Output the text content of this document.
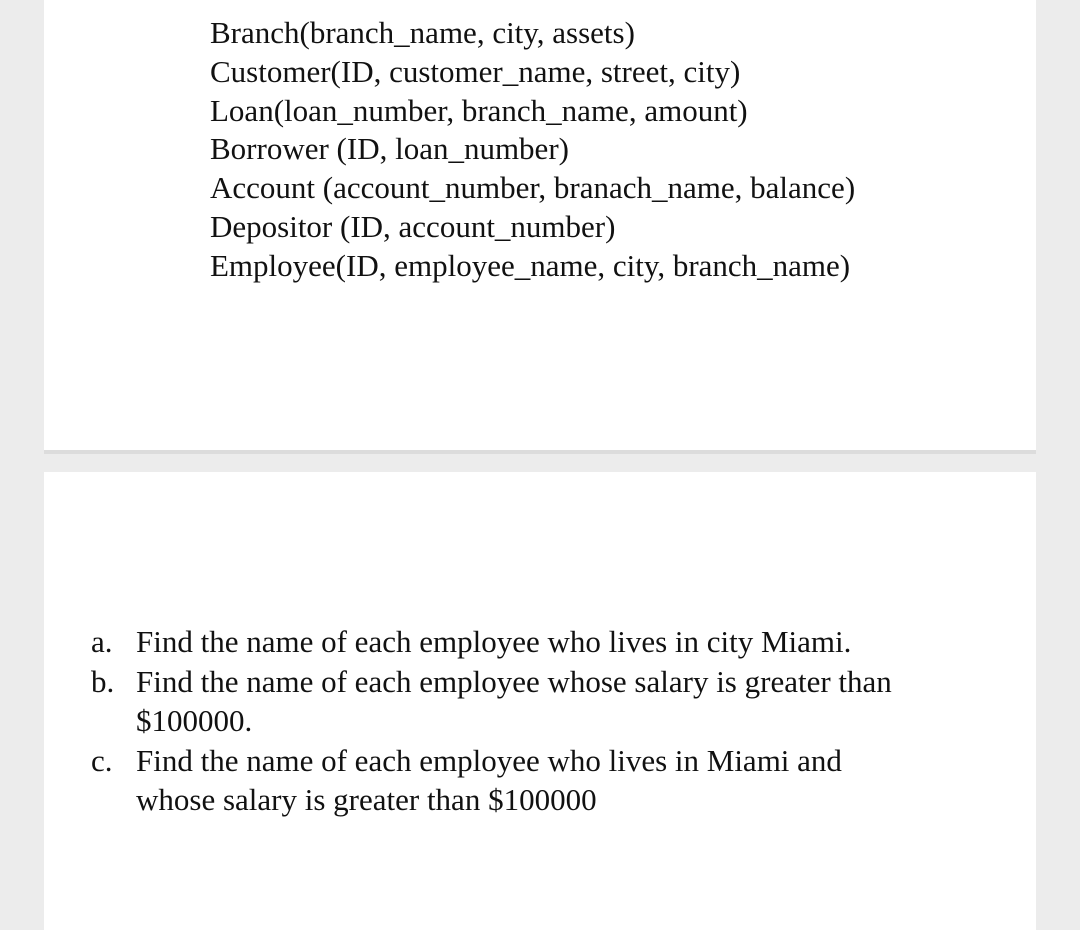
Branch(branch_name, city, assets)
Customer(ID, customer_name, street, city)
Loan(loan_number, branch_name, amount)
Borrower (ID, loan_number)
Account (account_number, branach_name, balance)
Depositor (ID, account_number)
Employee(ID, employee_name, city, branch_name)
a. Find the name of each employee who lives in city Miami.
b. Find the name of each employee whose salary is greater than
$100000.
c. Find the name of each employee who lives in Miami and
whose salary is greater than $100000
